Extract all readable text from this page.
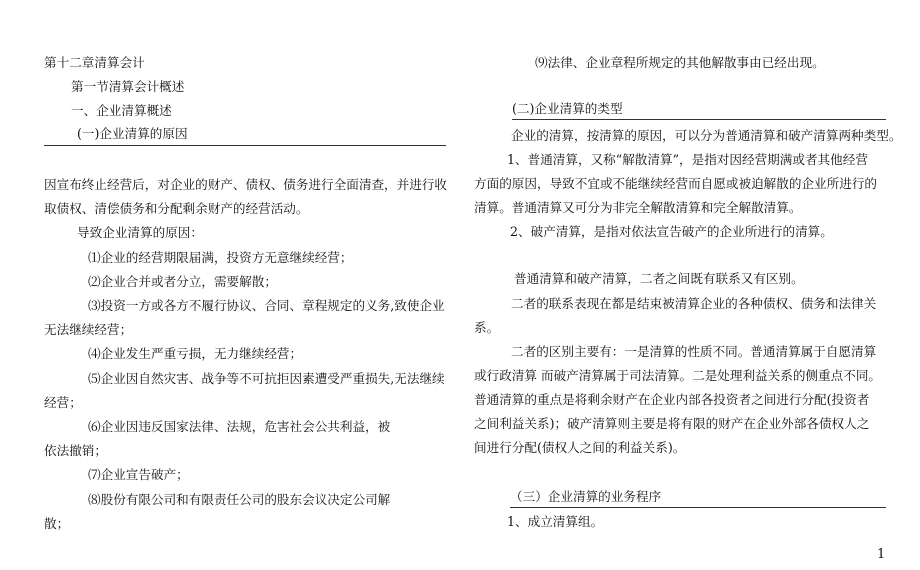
第十二章清算会计
第一节清算会计概述
一、企业清算概述
(一)企业清算的原因
因宣布终止经营后，对企业的财产、债权、债务进行全面清查，并进行收
取债权、清偿债务和分配剩余财产的经营活动。
导致企业清算的原因：
⑴企业的经营期限届满，投资方无意继续经营；
⑵企业合并或者分立，需要解散；
⑶投资一方或各方不履行协议、合同、章程规定的义务,致使企业
无法继续经营；
⑷企业发生严重亏损，无力继续经营；
⑸企业因自然灾害、战争等不可抗拒因素遭受严重损失,无法继续
经营；
⑹企业因违反国家法律、法规，危害社会公共利益，被
依法撤销；
⑺企业宣告破产；
⑻股份有限公司和有限责任公司的股东会议决定公司解
散；
⑼法律、企业章程所规定的其他解散事由已经出现。
(二)企业清算的类型
企业的清算，按清算的原因，可以分为普通清算和破产清算两种类型。
1、普通清算，又称“解散清算”，是指对因经营期满或者其他经营
方面的原因，导致不宜或不能继续经营而自愿或被迫解散的企业所进行的
清算。普通清算又可分为非完全解散清算和完全解散清算。
2、破产清算，是指对依法宣告破产的企业所进行的清算。
普通清算和破产清算，二者之间既有联系又有区别。
二者的联系表现在都是结束被清算企业的各种债权、债务和法律关
系。
二者的区别主要有：一是清算的性质不同。普通清算属于自愿清算
或行政清算 而破产清算属于司法清算。二是处理利益关系的侧重点不同。
普通清算的重点是将剩余财产在企业内部各投资者之间进行分配(投资者
之间利益关系)；破产清算则主要是将有限的财产在企业外部各债权人之
间进行分配(债权人之间的利益关系)。
（三）企业清算的业务程序
1、成立清算组。
1
